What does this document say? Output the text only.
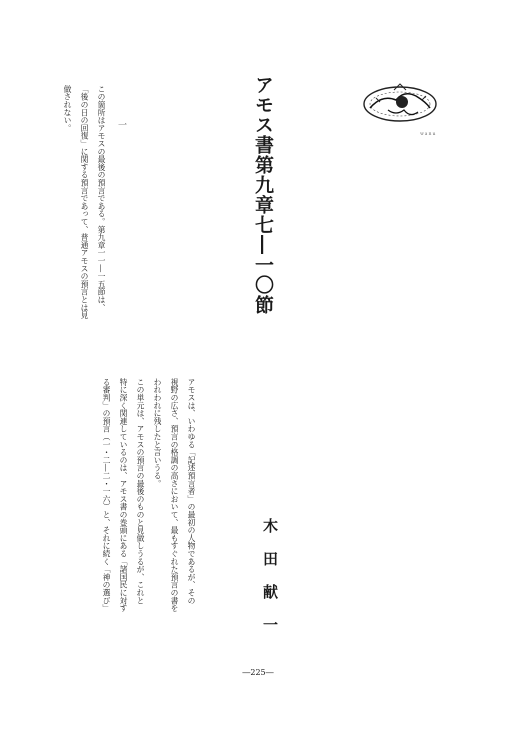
ｗａｎｕ
アモス書第九章七―一〇節
木田献一
アモスは、いわゆる「記述預言者」の最初の人物であるが、その
視野の広さ、預言の格調の高さにおいて、最もすぐれた預言の書を
われわれに残したと言いうる。
この単元は、アモスの預言の最後のものと見做しうるが、これと
特に深く関連しているのは、アモス書の巻頭にある「諸国民に対す
る審判」の預言（一・二―二・一六）と、それに続く「神の選び」
一
この箇所はアモスの最後の預言である。第九章一一―一五節は、
「後の日の回復」に関する預言であって、普通アモスの預言とは見
做されない。
―225―
